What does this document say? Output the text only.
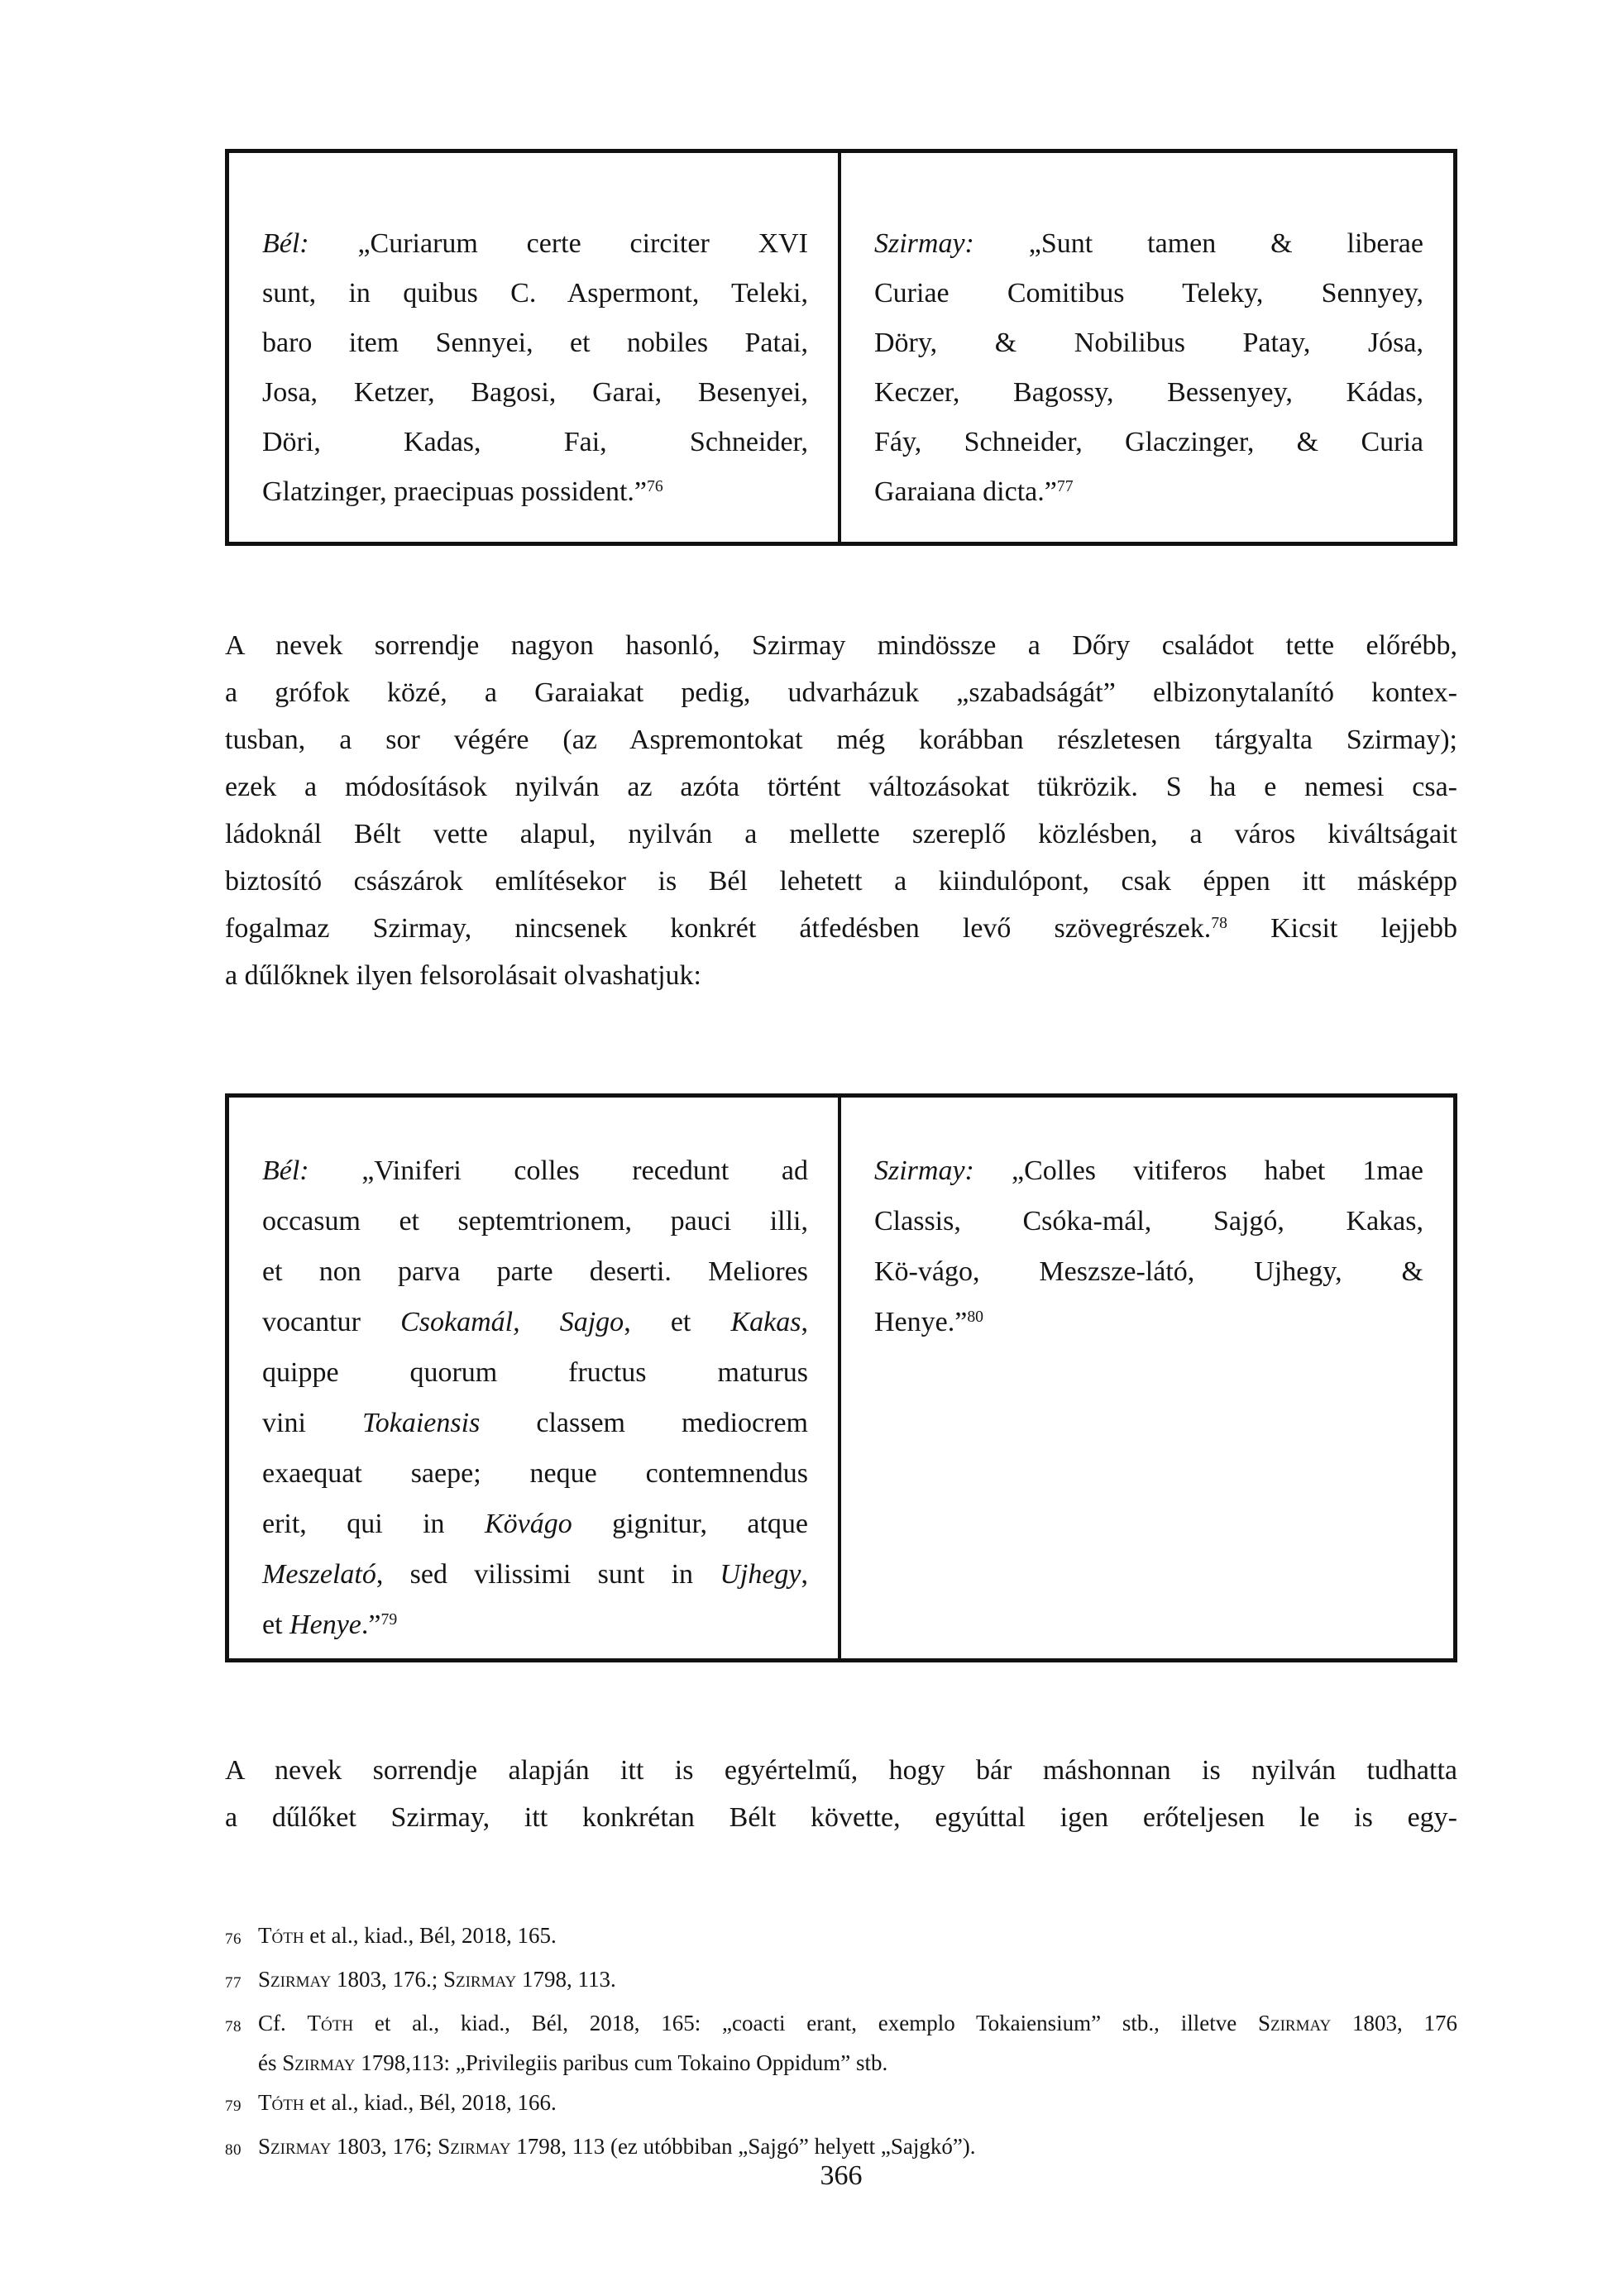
Bél: „Curiarum certe circiter XVI
sunt, in quibus C. Aspermont, Teleki,
baro item Sennyei, et nobiles Patai,
Josa, Ketzer, Bagosi, Garai, Besenyei,
Döri, Kadas, Fai, Schneider,
Glatzinger, praecipuas possident.”$^{76}$
Szirmay: „Sunt tamen & liberae
Curiae Comitibus Teleky, Sennyey,
Döry, & Nobilibus Patay, Jósa,
Keczer, Bagossy, Bessenyey, Kádas,
Fáy, Schneider, Glaczinger, & Curia
Garaiana dicta.”$^{77}$
A nevek sorrendje nagyon hasonló, Szirmay mindössze a Dőry családot tette előrébb,
a grófok közé, a Garaiakat pedig, udvarházuk „szabadságát” elbizonytalanító kontex-
tusban, a sor végére (az Aspremontokat még korábban részletesen tárgyalta Szirmay);
ezek a módosítások nyilván az azóta történt változásokat tükrözik. S ha e nemesi csa-
ládoknál Bélt vette alapul, nyilván a mellette szereplő közlésben, a város kiváltságait
biztosító császárok említésekor is Bél lehetett a kiindulópont, csak éppen itt másképp
fogalmaz Szirmay, nincsenek konkrét átfedésben levő szövegrészek.$^{78}$ Kicsit lejjebb
a dűlőknek ilyen felsorolásait olvashatjuk:
Bél: „Viniferi colles recedunt ad
occasum et septemtrionem, pauci illi,
et non parva parte deserti. Meliores
vocantur Csokamál, Sajgo, et Kakas,
quippe quorum fructus maturus
vini Tokaiensis classem mediocrem
exaequat saepe; neque contemnendus
erit, qui in Kövágo gignitur, atque
Meszelató, sed vilissimi sunt in Ujhegy,
et Henye.”$^{79}$
Szirmay: „Colles vitiferos habet 1mae
Classis, Csóka-mál, Sajgó, Kakas,
Kö-vágo, Meszsze-látó, Ujhegy, &
Henye.”$^{80}$
A nevek sorrendje alapján itt is egyértelmű, hogy bár máshonnan is nyilván tudhatta
a dűlőket Szirmay, itt konkrétan Bélt követte, egyúttal igen erőteljesen le is egy-
76 Tóth et al., kiad., Bél, 2018, 165.
77 Szirmay 1803, 176.; Szirmay 1798, 113.
78 Cf. Tóth et al., kiad., Bél, 2018, 165: „coacti erant, exemplo Tokaiensium” stb., illetve Szirmay 1803, 176
és Szirmay 1798,113: „Privilegiis paribus cum Tokaino Oppidum” stb.
79 Tóth et al., kiad., Bél, 2018, 166.
80 Szirmay 1803, 176; Szirmay 1798, 113 (ez utóbbiban „Sajgó” helyett „Sajgkó”).
366
